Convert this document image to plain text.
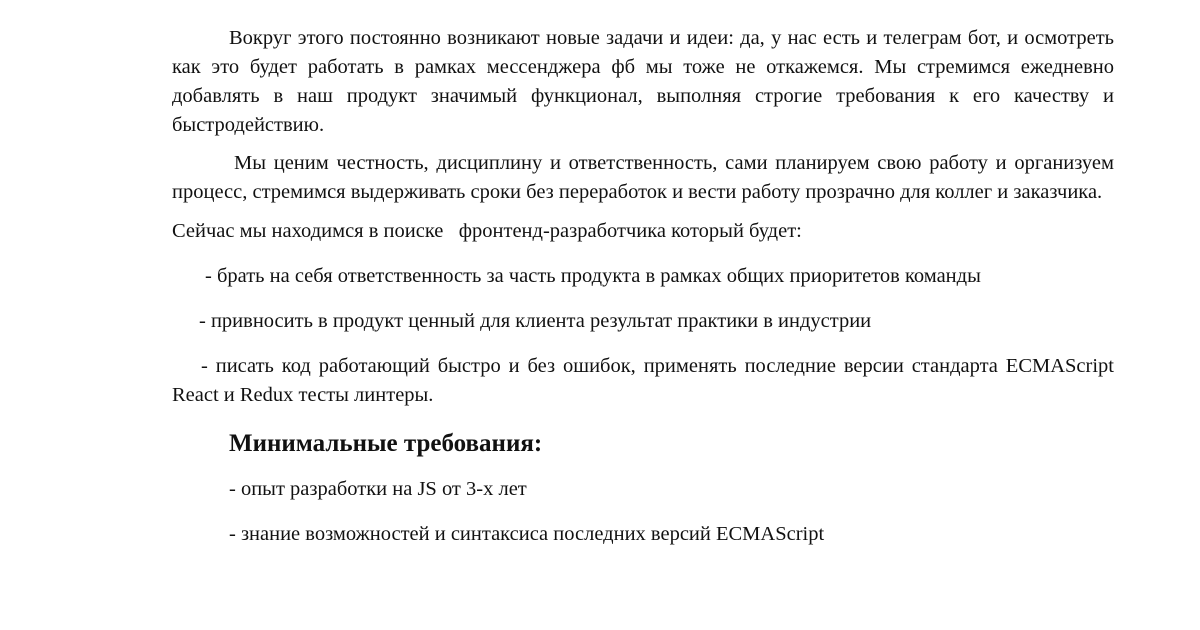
Вокруг этого постоянно возникают новые задачи и идеи: да, у нас есть и телеграм бот, и осмотреть как это будет работать в рамках мессенджера фб мы тоже не откажемся. Мы стремимся ежедневно добавлять в наш продукт значимый функционал, выполняя строгие требования к его качеству и быстродействию.

Мы ценим честность, дисциплину и ответственность, сами планируем свою работу и организуем процесс, стремимся выдерживать сроки без переработок и вести работу прозрачно для коллег и заказчика.

Сейчас мы находимся в поиске   фронтенд-разработчика который будет:

- брать на себя ответственность за часть продукта в рамках общих приоритетов команды

- привносить в продукт ценный для клиента результат практики в индустрии

- писать код работающий быстро и без ошибок, применять последние версии стандарта ECMAScript React и Redux тесты линтеры.

Минимальные требования:

- опыт разработки на JS от 3-х лет

- знание возможностей и синтаксиса последних версий ECMAScript
